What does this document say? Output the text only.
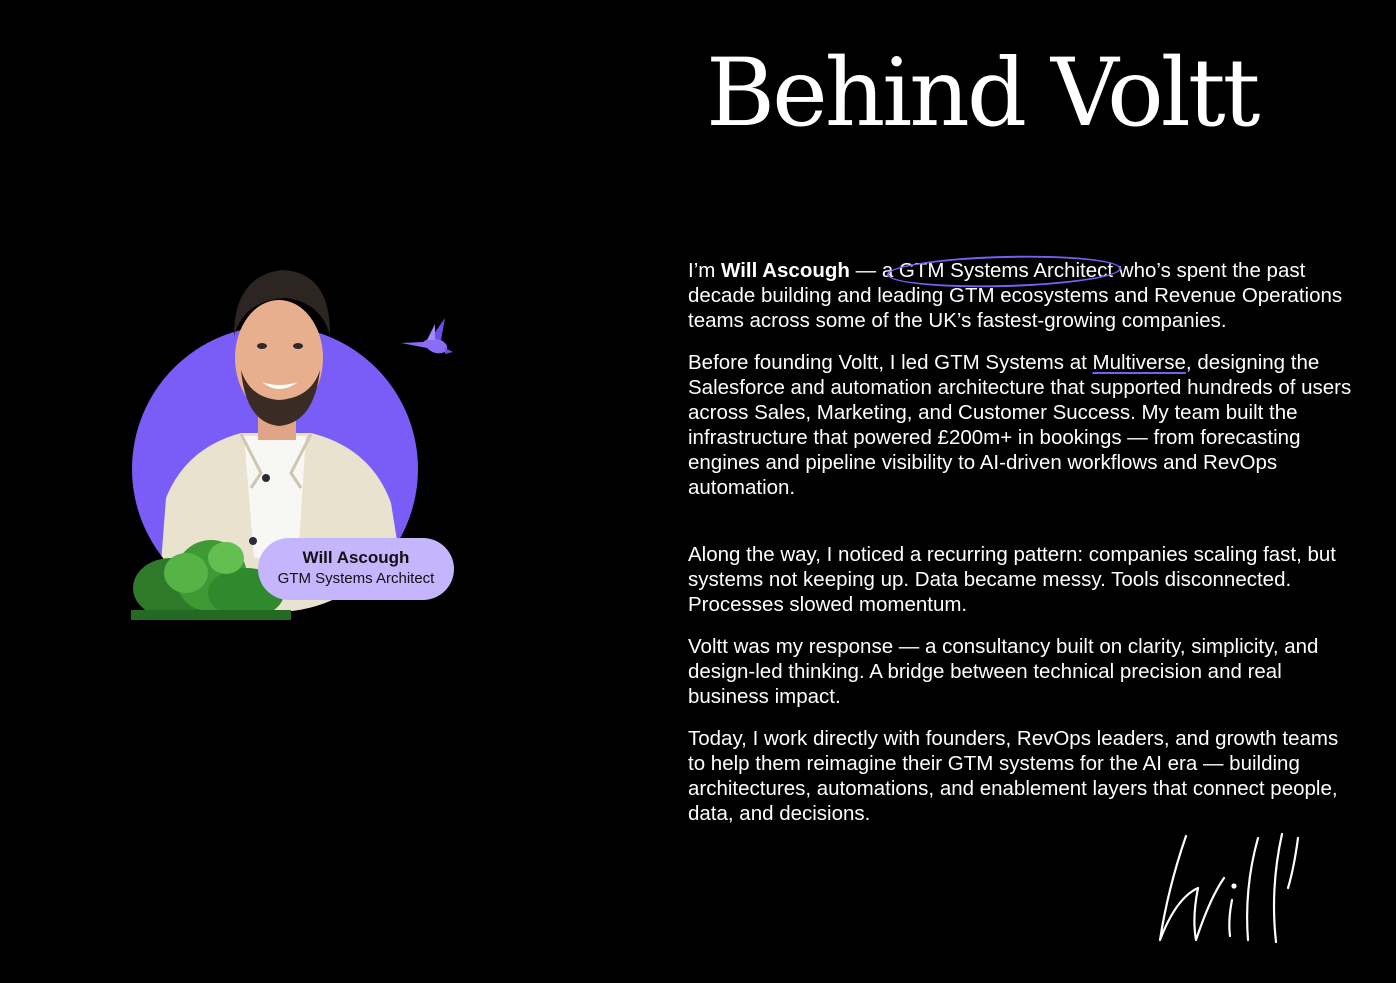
Behind Voltt
Will Ascough
GTM Systems Architect

I’m Will Ascough — a GTM Systems Architect who’s spent the past decade building and leading GTM ecosystems and Revenue Operations teams across some of the UK’s fastest-growing companies.

Before founding Voltt, I led GTM Systems at Multiverse, designing the Salesforce and automation architecture that supported hundreds of users across Sales, Marketing, and Customer Success. My team built the infrastructure that powered £200m+ in bookings — from forecasting engines and pipeline visibility to AI-driven workflows and RevOps automation.

Along the way, I noticed a recurring pattern: companies scaling fast, but systems not keeping up. Data became messy. Tools disconnected. Processes slowed momentum.

Voltt was my response — a consultancy built on clarity, simplicity, and design-led thinking. A bridge between technical precision and real business impact.

Today, I work directly with founders, RevOps leaders, and growth teams to help them reimagine their GTM systems for the AI era — building architectures, automations, and enablement layers that connect people, data, and decisions.
